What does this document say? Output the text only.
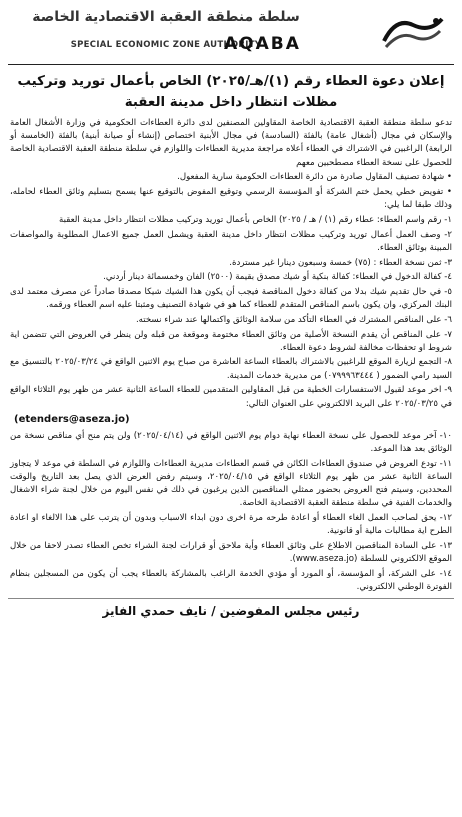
سلطة منطقة العقبة الاقتصادية الخاصة
SPECIAL ECONOMIC ZONE AUTHORITY
AQABA
إعلان دعوة العطاء رقم (١)/هـ/٢٠٢٥) الخاص بأعمال توريد وتركيب مظلات انتظار داخل مدينة العقبة

تدعو سلطة منطقة العقبة الاقتصادية الخاصة المقاولين المصنفين لدى دائرة العطاءات الحكومية في وزارة الأشغال العامة والإسكان في مجال (أشغال عامة) بالفئة (السادسة) في مجال الأبنية اختصاص (إنشاء أو صيانة أبنية) بالفئة (الخامسة أو الرابعة) الراغبين في الاشتراك في العطاء أعلاه مراجعة مديرية العطاءات واللوازم في سلطة منطقة العقبة الاقتصادية الخاصة للحصول على نسخة العطاء مصطحبين معهم

• شهادة تصنيف المقاول صادرة من دائرة العطاءات الحكومية سارية المفعول.

• تفويض خطي يحمل ختم الشركة أو المؤسسة الرسمي وتوقيع المفوض بالتوقيع عنها يسمح بتسليم وثائق العطاء لحامله، وذلك طبقا لما يلي:

١- رقم واسم العطاء: عطاء رقم (١) / هـ / ٢٠٢٥) الخاص بأعمال توريد وتركيب مظلات انتظار داخل مدينة العقبة

٢- وصف العمل أعمال توريد وتركيب مظلات انتظار داخل مدينة العقبة ويشمل العمل جميع الاعمال المطلوبة والمواصفات المبينة بوثائق العطاء.

٣- ثمن نسخة العطاء : (٧٥) خمسة وسبعون دينارا غير مستردة.

٤- كفالة الدخول في العطاء: كفالة بنكية أو شيك مصدق بقيمة (٢٥٠٠) الفان وخمسمائة دينار أردني.

٥- في حال تقديم شيك بدلا من كفالة دخول المناقصة فيجب أن يكون هذا الشيك شيكا مصدقا صادراً عن مصرف معتمد لدى البنك المركزي، وان يكون باسم المناقص المتقدم للعطاء كما هو في شهادة التصنيف ومثبتا عليه اسم العطاء ورقمه.

٦- على المناقص المشترك في العطاء التأكد من سلامة الوثائق واكتمالها عند شراء نسخته.

٧- على المناقص أن يقدم النسخة الأصلية من وثائق العطاء مختومة وموقعة من قبله ولن ينظر في العروض التي تتضمن اية شروط او تحفظات مخالفة لشروط دعوة العطاء.

٨- التجمع لزيارة الموقع للراغبين بالاشتراك بالعطاء الساعة العاشرة من صباح يوم الاثنين الواقع في ٢٠٢٥/٠٣/٢٤ بالتنسيق مع السيد رامي الضمور ( ٠٧٩٩٩٦٣٤٤٤) من مديرية خدمات المدينة.

٩- اخر موعد لقبول الاستفسارات الخطية من قبل المقاولين المتقدمين للعطاء الساعة الثانية عشر من ظهر يوم الثلاثاء الواقع في ٢٠٢٥/٠٣/٢٥ على البريد الالكتروني على العنوان التالي:

(etenders@aseza.jo)

١٠- آخر موعد للحصول على نسخة العطاء نهاية دوام يوم الاثنين الواقع في (٢٠٢٥/٠٤/١٤) ولن يتم منح أي مناقص نسخة من الوثائق بعد هذا الموعد.

١١- تودع العروض في صندوق العطاءات الكائن في قسم العطاءات مديرية العطاءات واللوازم في السلطة في موعد لا يتجاوز الساعة الثانية عشر من ظهر يوم الثلاثاء الواقع في ٢٠٢٥/٠٤/١٥، وسيتم رفض العرض الذي يصل بعد التاريخ والوقت المحددين، وسيتم فتح العروض بحضور ممثلي المناقصين الذين يرغبون في ذلك في نفس اليوم من خلال لجنة شراء الاشغال والخدمات الفنية في سلطة منطقة العقبة الاقتصادية الخاصة.

١٢- يحق لصاحب العمل الغاء العطاء أو اعادة طرحه مرة اخرى دون ابداء الاسباب وبدون أن يترتب على هذا الالغاء او اعادة الطرح اية مطالبات مالية أو قانونية.

١٣- على السادة المناقصين الاطلاع على وثائق العطاء وأية ملاحق أو قرارات لجنة الشراء تخص العطاء تصدر لاحقا من خلال الموقع الالكتروني للسلطة (www.aseza.jo).

١٤- على الشركة، أو المؤسسة، أو المورد أو مؤدي الخدمة الراغب بالمشاركة بالعطاء يجب أن يكون من المسجلين بنظام الفوترة الوطني الالكتروني.

رئيس مجلس المفوضين / نايف حمدي الفايز
